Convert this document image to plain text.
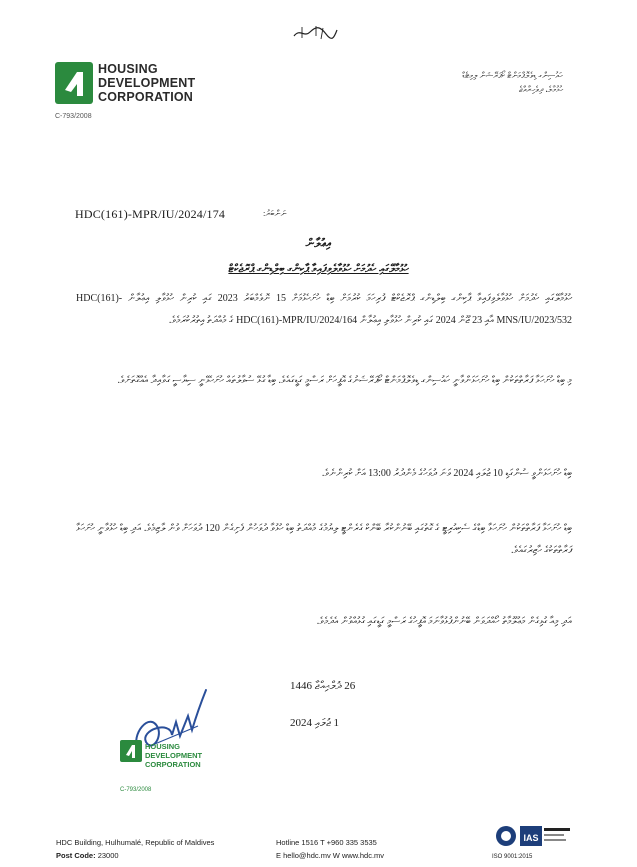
HOUSING
DEVELOPMENT
CORPORATION
C-793/2008
ހައުސިންގ ޑިވެލޮޕްމަންޓް ކޯޕަރޭޝަން ލިމިޓެޑް
ހުޅުމާލެ، ދިވެހިރާއްޖެ
HDC(161)-MPR/IU/2024/174	ނަންބަރު:
އިޢުލާން
ހުޅުމާލޭގައި ހެދުމަށް ހުޅުވާލެވިފައިވާ ޕާކިންގ ބިލްޑިންގ ޕްރޮޖެކްޓް
ހުޅުމާލޭގައި ހެދުމަށް ހުޅުވާލެވިފައިވާ ޕާކިންގ ބިލްޑިންގ ޕްރޮޖެކްޓް ފުރިހަމަ ކުރުމަށް ބިޑް ހުށަހެޅުމަށް 15 ނޮވެމްބަރު 2023 ގައި ކުރިން ހުޅުވާލި އިޢުލާން HDC(161)-MNS/IU/2023/532 އާއި 23 ޖޫން 2024 ގައި ކުރިން ހުޅުވާލި އިޢުލާން HDC(161)-MPR/IU/2024/164 ގެ މުއްދަތު އިތުރުކުރަމެވެ.
މި ބިޑް ހުށަހަޅާ ފަރާތްތަކުން ބިޑް ހުށަހަޅަންވާނީ ހައުސިންގ ޑިވެލޮޕްމަންޓް ކޯޕަރޭޝަނުގެ އޮފީހަށް ރަސްމީ ގަޑީގައެވެ. ބިޑާ ގުޅޭ ސުވާލުތައް ހުށަހެޅޭނީ ސިޔާސީ ގަވާއިދާ އެއްގޮތަށެވެ.
ބިޑް ހުށަހަޅަންވީ ސުންގަޑި 10 ޖުލައި 2024 ވަނަ ދުވަހުގެ މެންދުރު 13:00 އަށް ކުރިންނެވެ.
ބިޑް ހުށަހަޅާ ފަރާތްތަކުން ހުށަހަޅާ ބިޑްގެ ސެކިއުރިޓީ ގެ ގޮތުގައި ބޭނުންކުރާ ބޭންކް ގެރެންޓީ ލިޔުމުގެ މުއްދަތު ބިޑް ހުޅުވާ ދުވަހުން ފެށިގެން 120 ދުވަހަށް ވުން ލާޒިމެވެ. އަދި ބިޑް ހުޅުވާނީ ހުށަހަޅާ ފަރާތްތަކުގެ ހާޒިރުގައެވެ.
އަދި މިއާ ގުޅިގެން މަޢުލޫމާތު ހޯއްދަވަން ބޭނުންފުޅުވާނަމަ އޮފީހުގެ ރަސްމީ ގަޑީގައި ގުޅުއްވުން އެދެމެވެ.
26 ޛުލްޙިއްޖާ 1446
1 ޖުލައި 2024
HOUSING
DEVELOPMENT
CORPORATION
C-793/2008
HDC Building, Hulhumalé, Republic of Maldives
Post Code: 23000
Hotline 1516 T +960 335 3535
E hello@hdc.mv W www.hdc.mv
IAS
ISO 9001:2015
